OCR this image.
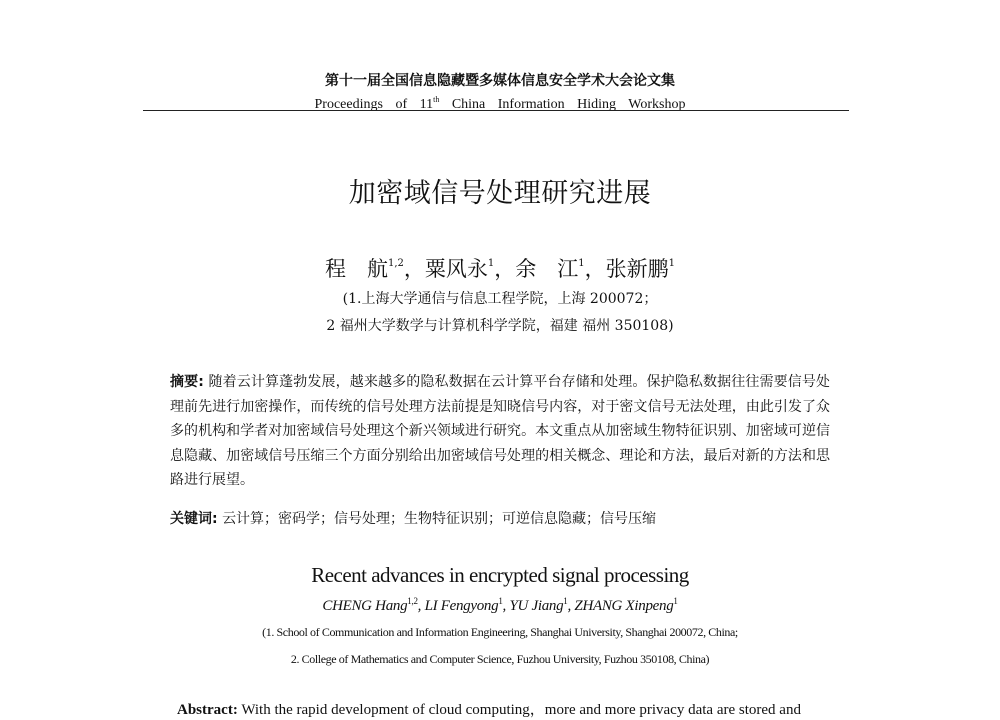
第十一届全国信息隐藏暨多媒体信息安全学术大会论文集
Proceedings of 11th China Information Hiding Workshop
加密域信号处理研究进展
程　航$^{1,2}$，粟风永$^1$，余　江$^1$，张新鹏$^1$
(1.上海大学通信与信息工程学院，上海 200072；
2 福州大学数学与计算机科学学院，福建 福州 350108)
摘要: 随着云计算蓬勃发展，越来越多的隐私数据在云计算平台存储和处理。保护隐私数据往往需要信号处理前先进行加密操作，而传统的信号处理方法前提是知晓信号内容，对于密文信号无法处理，由此引发了众多的机构和学者对加密域信号处理这个新兴领域进行研究。本文重点从加密域生物特征识别、加密域可逆信息隐藏、加密域信号压缩三个方面分别给出加密域信号处理的相关概念、理论和方法，最后对新的方法和思路进行展望。
关键词: 云计算；密码学；信号处理；生物特征识别；可逆信息隐藏；信号压缩
Recent advances in encrypted signal processing
CHENG Hang$^{1,2}$, LI Fengyong$^1$, YU Jiang$^1$, ZHANG Xinpeng$^1$
(1. School of Communication and Information Engineering, Shanghai University, Shanghai 200072, China;
2. College of Mathematics and Computer Science, Fuzhou University, Fuzhou 350108, China)
Abstract: With the rapid development of cloud computing，more and more privacy data are stored and
